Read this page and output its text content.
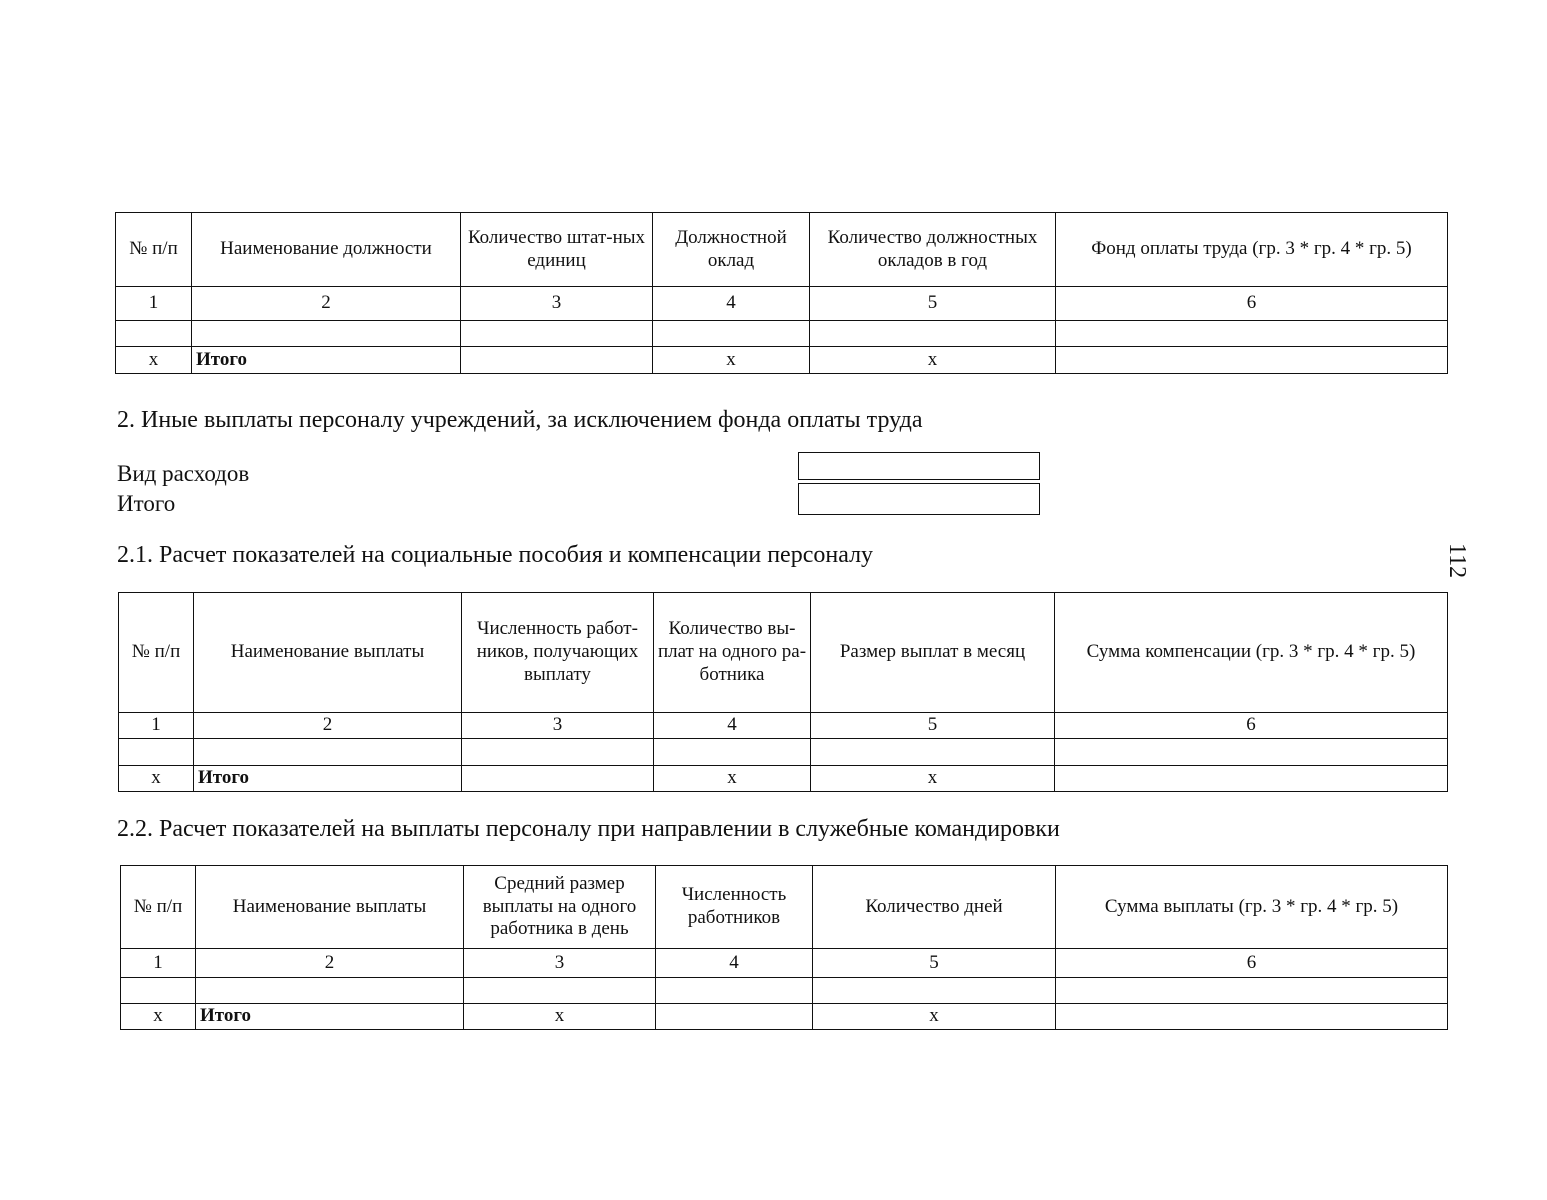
112
№ п/п	Наименование должности	Количество штат-ных единиц	Должностной оклад	Количество должностных окладов в год	Фонд оплаты труда (гр. 3 * гр. 4 * гр. 5)
1	2	3	4	5	6

x	Итого		x	x	
2. Иные выплаты персоналу учреждений, за исключением фонда оплаты труда
Вид расходов
Итого
2.1. Расчет показателей на социальные пособия и компенсации персоналу
№ п/п	Наименование выплаты	Численность работ-ников, получающих выплату	Количество вы-плат на одного ра-ботника	Размер выплат в месяц	Сумма компенсации (гр. 3 * гр. 4 * гр. 5)
1	2	3	4	5	6

x	Итого		x	x	
2.2. Расчет показателей на выплаты персоналу при направлении в служебные командировки
№ п/п	Наименование выплаты	Средний размер выплаты на одного работника в день	Численность работников	Количество дней	Сумма выплаты (гр. 3 * гр. 4 * гр. 5)
1	2	3	4	5	6

x	Итого	x		x	
